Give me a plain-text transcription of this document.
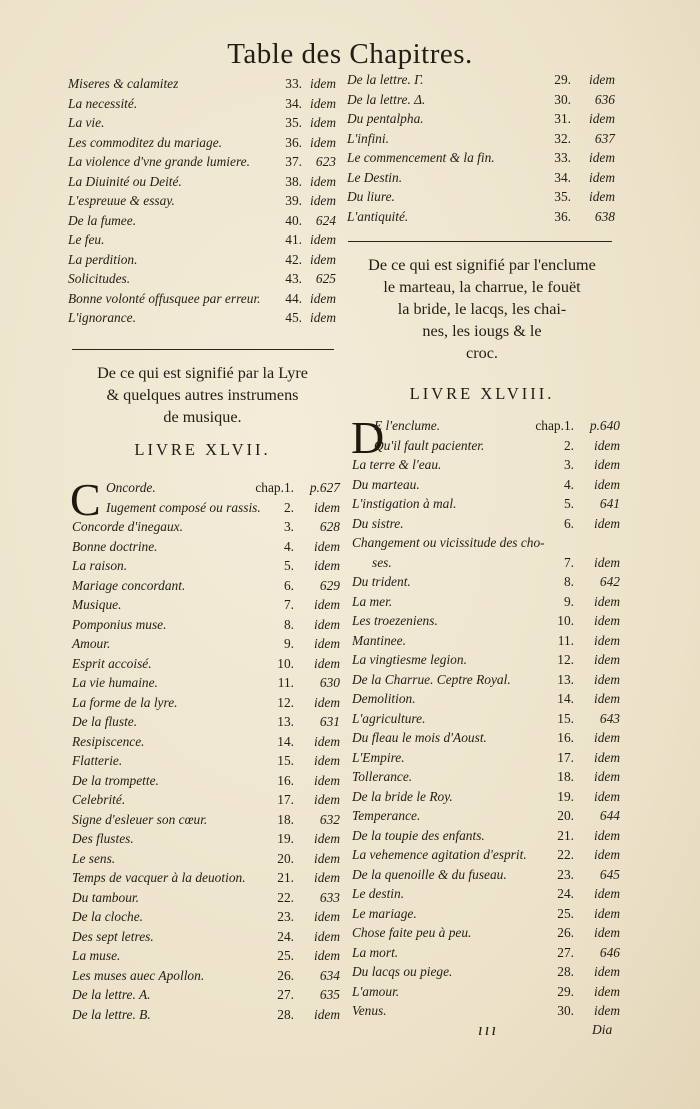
Table des Chapitres.
Miseres & calamitez	33. idem
La necessité.	34. idem
La vie.	35. idem
Les commoditez du mariage.	36. idem
La violence d'vne grande lumiere.	37. 623
La Diuinité ou Deité.	38. idem
L'espreuue & essay.	39. idem
De la fumee.	40. 624
Le feu.	41. idem
La perdition.	42. idem
Solicitudes.	43. 625
Bonne volonté offusquee par erreur. 44. idem
L'ignorance.	45. idem
De ce qui est signifié par la Lyre
& quelques autres instrumens
de musique.
LIVRE XLVII.
C Oncorde.	chap.1. p.627
Iugement composé ou rassis. 2. idem
Concorde d'inegaux.	3. 628
Bonne doctrine.	4. idem
La raison.	5. idem
Mariage concordant.	6. 629
Musique.	7. idem
Pomponius muse.	8. idem
Amour.	9. idem
Esprit accoisé.	10. idem
La vie humaine.	11. 630
La forme de la lyre.	12. idem
De la fluste.	13. 631
Resipiscence.	14. idem
Flatterie.	15. idem
De la trompette.	16. idem
Celebrité.	17. idem
Signe d'esleuer son cœur.	18. 632
Des flustes.	19. idem
Le sens.	20. idem
Temps de vacquer à la deuotion. 21. idem
Du tambour.	22. 633
De la cloche.	23. idem
Des sept letres.	24. idem
La muse.	25. idem
Les muses auec Apollon.	26. 634
De la lettre. A.	27. 635
De la lettre. B.	28. idem
De la lettre. Γ.	29. idem
De la lettre. Δ.	30. 636
Du pentalpha.	31. idem
L'infini.	32. 637
Le commencement & la fin.	33. idem
Le Destin.	34. idem
Du liure.	35. idem
L'antiquité.	36. 638
De ce qui est signifié par l'enclume
le marteau, la charrue, le fouët
la bride, le lacqs, les chai-
nes, les iougs & le
croc.
LIVRE XLVIII.
D
E l'enclume.	chap.1. p.640
Qu'il fault pacienter.	2. idem
La terre & l'eau.	3. idem
Du marteau.	4. idem
L'instigation à mal.	5. 641
Du sistre.	6. idem
Changement ou vicissitude des cho-
ses.	7. idem
Du trident.	8. 642
La mer.	9. idem
Les troezeniens.	10. idem
Mantinee.	11. idem
La vingtiesme legion.	12. idem
De la Charrue. Ceptre Royal.	13. idem
Demolition.	14. idem
L'agriculture.	15. 643
Du fleau le mois d'Aoust.	16. idem
L'Empire.	17. idem
Tollerance.	18. idem
De la bride le Roy.	19. idem
Temperance.	20. 644
De la toupie des enfants.	21. idem
La vehemence agitation d'esprit. 22. idem
De la quenoille & du fuseau.	23. 645
Le destin.	24. idem
Le mariage.	25. idem
Chose faite peu à peu.	26. idem
La mort.	27. 646
Du lacqs ou piege.	28. idem
L'amour.	29. idem
Venus.	30. idem
ııı	Dia
